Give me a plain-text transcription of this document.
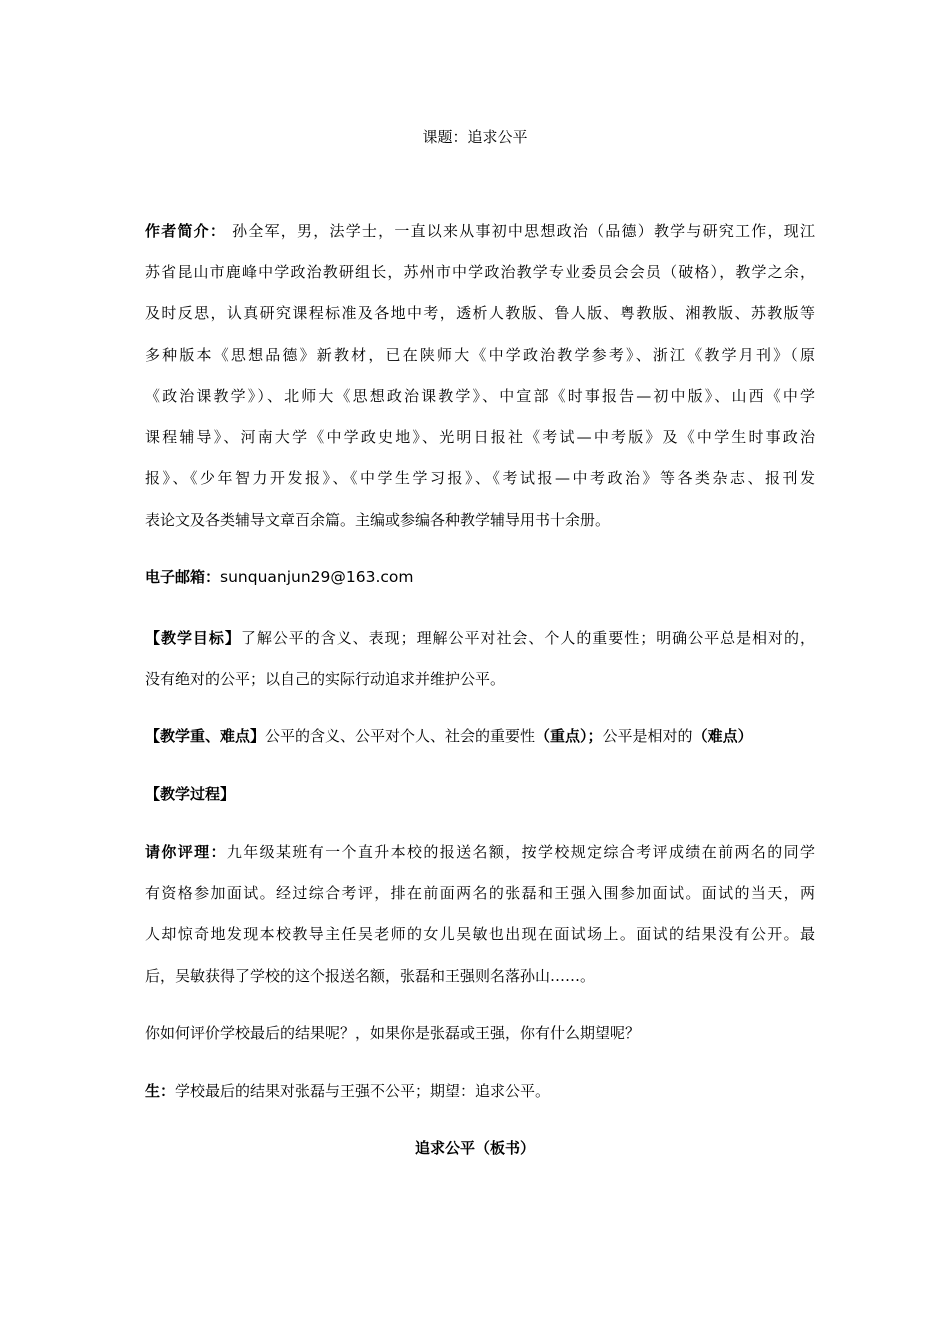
课题：追求公平
作者简介： 孙全军，男，法学士，一直以来从事初中思想政治（品德）教学与研究工作，现江
苏省昆山市鹿峰中学政治教研组长，苏州市中学政治教学专业委员会会员（破格），教学之余，
及时反思，认真研究课程标准及各地中考，透析人教版、鲁人版、粤教版、湘教版、苏教版等
多种版本《思想品德》新教材，已在陕师大《中学政治教学参考》、浙江《教学月刊》（原
《政治课教学》）、北师大《思想政治课教学》、中宣部《时事报告—初中版》、山西《中学
课程辅导》、河南大学《中学政史地》、光明日报社《考试—中考版》及《中学生时事政治
报》、《少年智力开发报》、《中学生学习报》、《考试报—中考政治》等各类杂志、报刊发
表论文及各类辅导文章百余篇。主编或参编各种教学辅导用书十余册。
电子邮箱：sunquanjun29@163.com
【教学目标】了解公平的含义、表现；理解公平对社会、个人的重要性；明确公平总是相对的，
没有绝对的公平；以自己的实际行动追求并维护公平。
【教学重、难点】公平的含义、公平对个人、社会的重要性（重点）；公平是相对的（难点）
【教学过程】
请你评理：九年级某班有一个直升本校的报送名额，按学校规定综合考评成绩在前两名的同学
有资格参加面试。经过综合考评，排在前面两名的张磊和王强入围参加面试。面试的当天，两
人却惊奇地发现本校教导主任吴老师的女儿吴敏也出现在面试场上。面试的结果没有公开。最
后，吴敏获得了学校的这个报送名额，张磊和王强则名落孙山……。
你如何评价学校最后的结果呢？，如果你是张磊或王强，你有什么期望呢？
生：学校最后的结果对张磊与王强不公平；期望：追求公平。
追求公平（板书）
